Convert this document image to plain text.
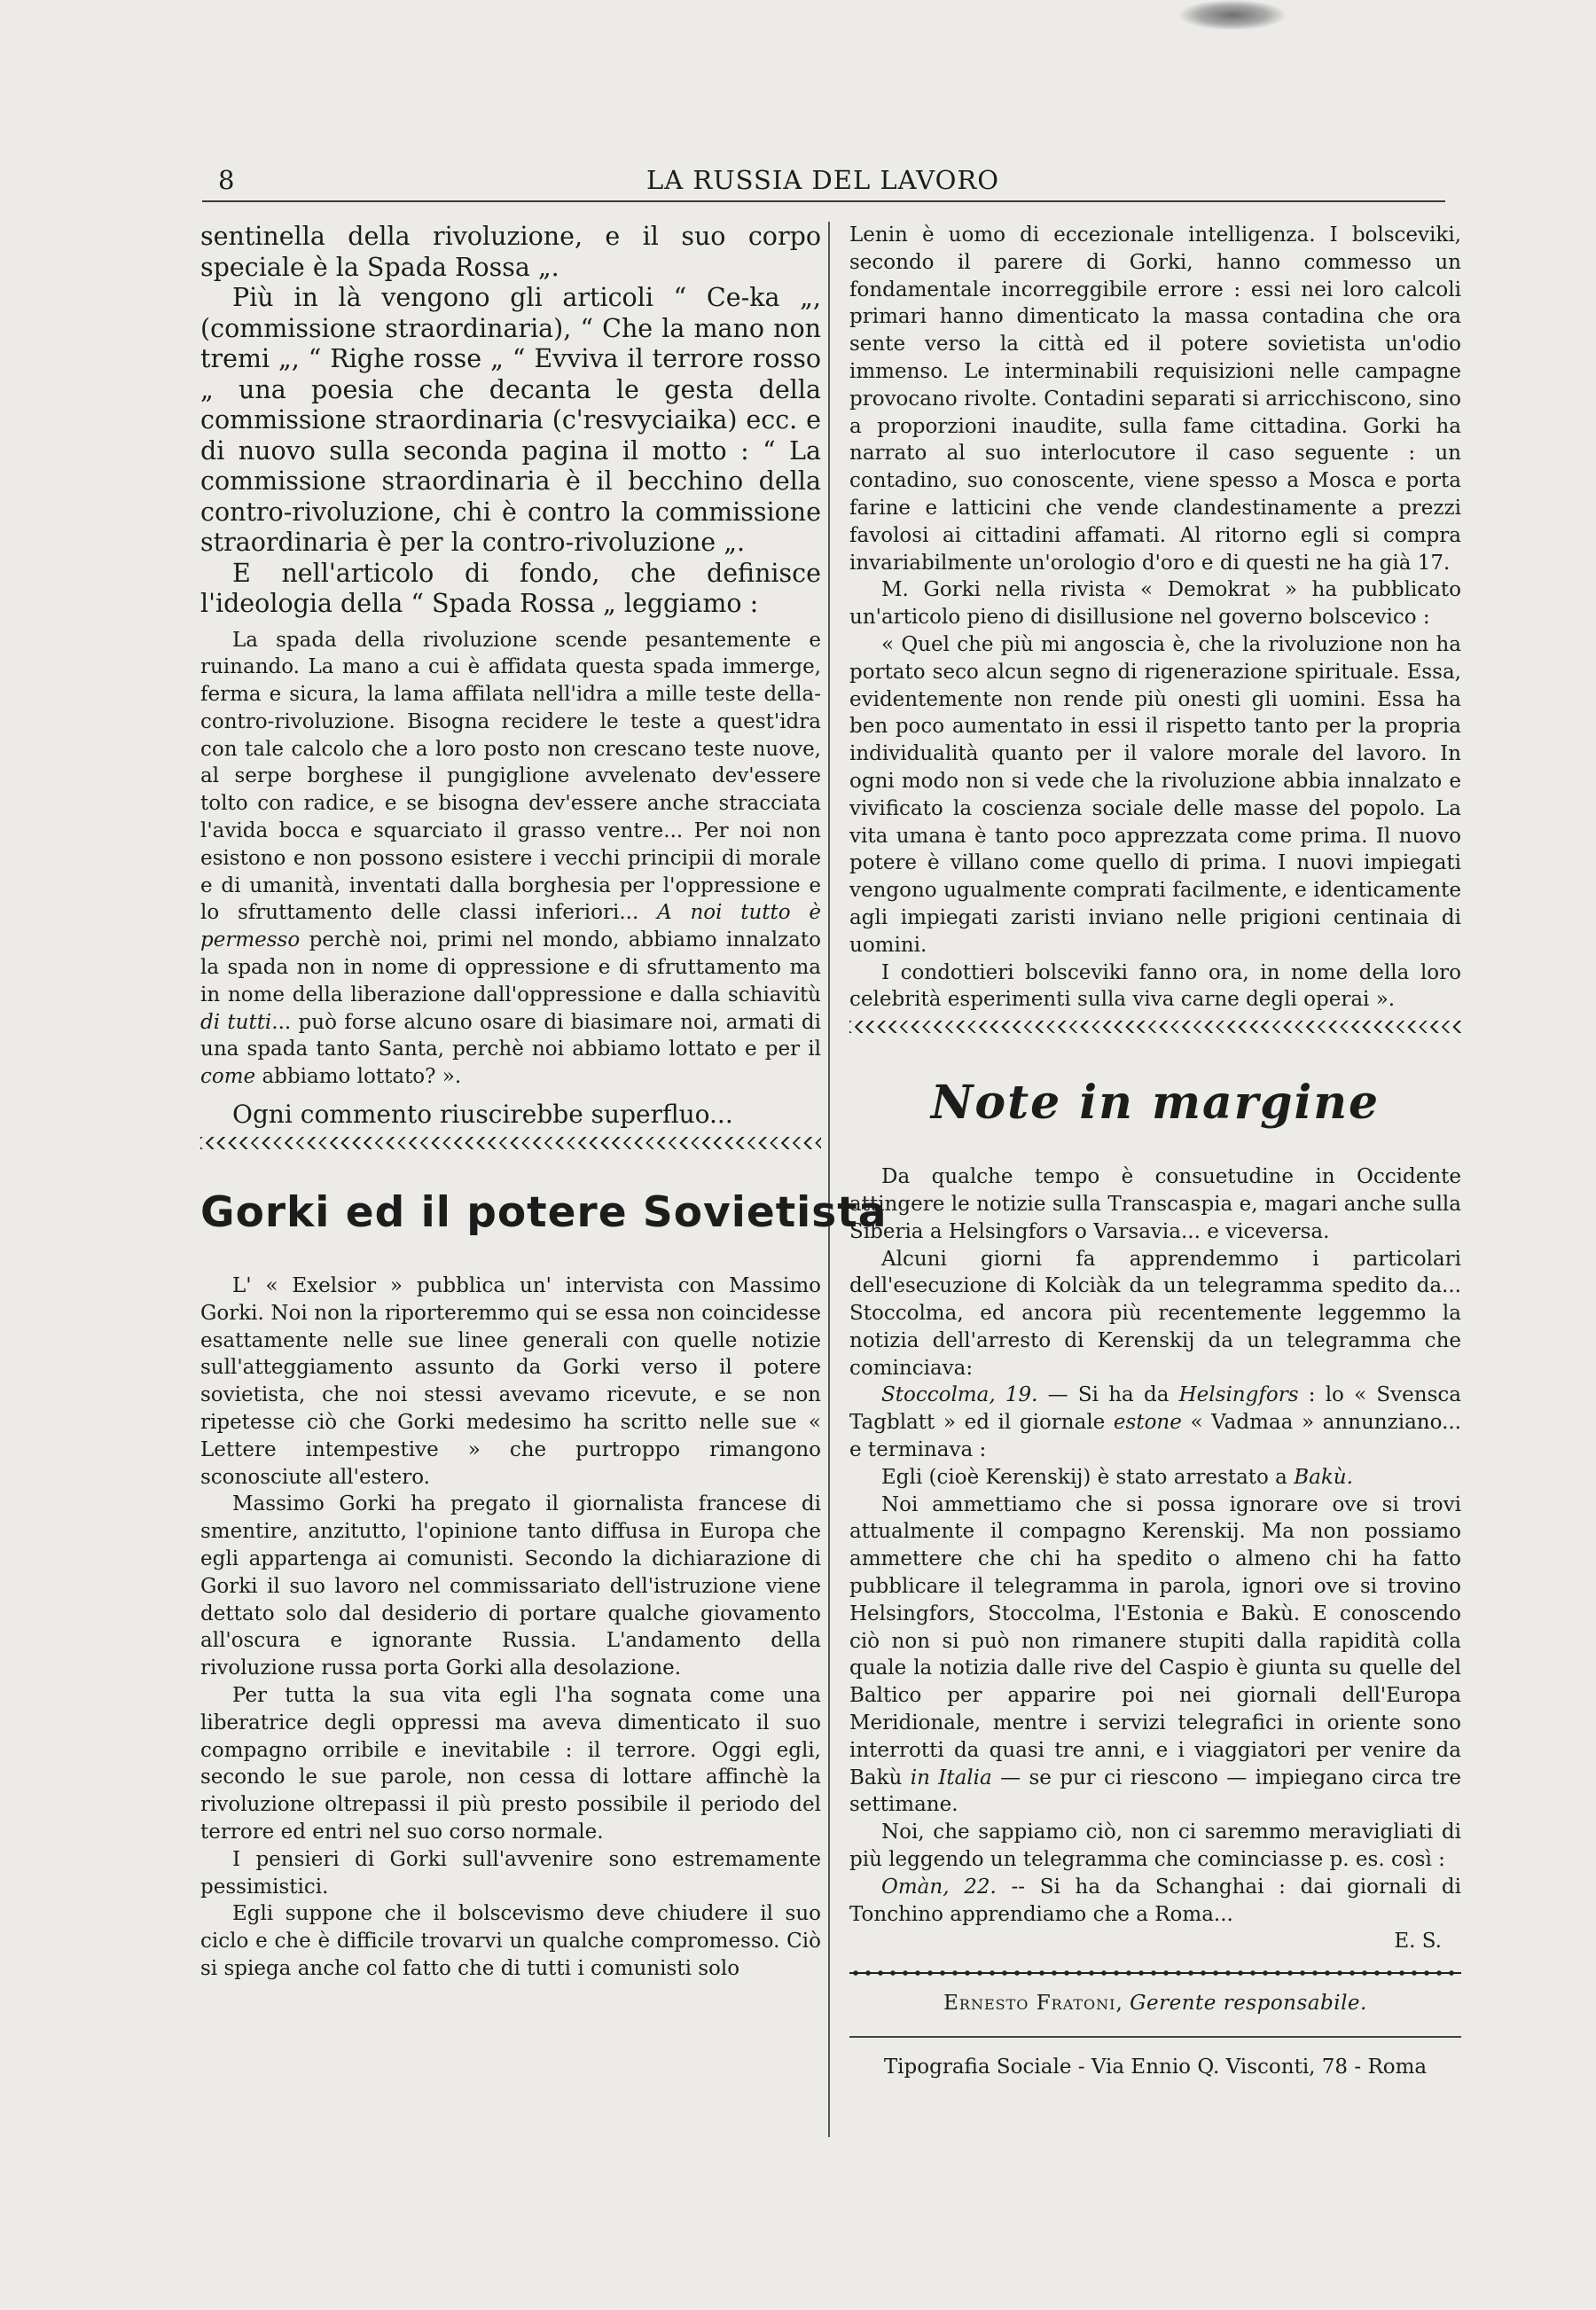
8	LA RUSSIA DEL LAVORO

sentinella della rivoluzione, e il suo corpo speciale è la Spada Rossa „.

Più in là vengono gli articoli “ Ce-ka „, (commissione straordinaria), “ Che la mano non tremi „, “ Righe rosse „ “ Evviva il terrore rosso „ una poesia che decanta le gesta della commissione straordinaria (c'resvyciaika) ecc. e di nuovo sulla seconda pagina il motto : “ La commissione straordinaria è il becchino della contro-rivoluzione, chi è contro la commissione straordinaria è per la contro-rivoluzione „.

E nell'articolo di fondo, che definisce l'ideologia della “ Spada Rossa „ leggiamo :

La spada della rivoluzione scende pesantemente e ruinando. La mano a cui è affidata questa spada immerge, ferma e sicura, la lama affilata nell'idra a mille teste della-contro-rivoluzione. Bisogna recidere le teste a quest'idra con tale calcolo che a loro posto non crescano teste nuove, al serpe borghese il pungiglione avvelenato dev'essere tolto con radice, e se bisogna dev'essere anche stracciata l'avida bocca e squarciato il grasso ventre... Per noi non esistono e non possono esistere i vecchi principii di morale e di umanità, inventati dalla borghesia per l'oppressione e lo sfruttamento delle classi inferiori... A noi tutto è permesso perchè noi, primi nel mondo, abbiamo innalzato la spada non in nome di oppressione e di sfruttamento ma in nome della liberazione dall'oppressione e dalla schiavitù di tutti... può forse alcuno osare di biasimare noi, armati di una spada tanto Santa, perchè noi abbiamo lottato e per il come abbiamo lottato? ».

Ogni commento riuscirebbe superfluo...

Gorki ed il potere Sovietista

L' « Exelsior » pubblica un' intervista con Massimo Gorki. Noi non la riporteremmo qui se essa non coincidesse esattamente nelle sue linee generali con quelle notizie sull'atteggiamento assunto da Gorki verso il potere sovietista, che noi stessi avevamo ricevute, e se non ripetesse ciò che Gorki medesimo ha scritto nelle sue « Lettere intempestive » che purtroppo rimangono sconosciute all'estero.

Massimo Gorki ha pregato il giornalista francese di smentire, anzitutto, l'opinione tanto diffusa in Europa che egli appartenga ai comunisti. Secondo la dichiarazione di Gorki il suo lavoro nel commissariato dell'istruzione viene dettato solo dal desiderio di portare qualche giovamento all'oscura e ignorante Russia. L'andamento della rivoluzione russa porta Gorki alla desolazione.

Per tutta la sua vita egli l'ha sognata come una liberatrice degli oppressi ma aveva dimenticato il suo compagno orribile e inevitabile : il terrore. Oggi egli, secondo le sue parole, non cessa di lottare affinchè la rivoluzione oltrepassi il più presto possibile il periodo del terrore ed entri nel suo corso normale.

I pensieri di Gorki sull'avvenire sono estremamente pessimistici.

Egli suppone che il bolscevismo deve chiudere il suo ciclo e che è difficile trovarvi un qualche compromesso. Ciò si spiega anche col fatto che di tutti i comunisti solo

Lenin è uomo di eccezionale intelligenza. I bolsceviki, secondo il parere di Gorki, hanno commesso un fondamentale incorreggibile errore : essi nei loro calcoli primari hanno dimenticato la massa contadina che ora sente verso la città ed il potere sovietista un'odio immenso. Le interminabili requisizioni nelle campagne provocano rivolte. Contadini separati si arricchiscono, sino a proporzioni inaudite, sulla fame cittadina. Gorki ha narrato al suo interlocutore il caso seguente : un contadino, suo conoscente, viene spesso a Mosca e porta farine e latticini che vende clandestinamente a prezzi favolosi ai cittadini affamati. Al ritorno egli si compra invariabilmente un'orologio d'oro e di questi ne ha già 17.

M. Gorki nella rivista « Demokrat » ha pubblicato un'articolo pieno di disillusione nel governo bolscevico :

« Quel che più mi angoscia è, che la rivoluzione non ha portato seco alcun segno di rigenerazione spirituale. Essa, evidentemente non rende più onesti gli uomini. Essa ha ben poco aumentato in essi il rispetto tanto per la propria individualità quanto per il valore morale del lavoro. In ogni modo non si vede che la rivoluzione abbia innalzato e vivificato la coscienza sociale delle masse del popolo. La vita umana è tanto poco apprezzata come prima. Il nuovo potere è villano come quello di prima. I nuovi impiegati vengono ugualmente comprati facilmente, e identicamente agli impiegati zaristi inviano nelle prigioni centinaia di uomini.

I condottieri bolsceviki fanno ora, in nome della loro celebrità esperimenti sulla viva carne degli operai ».

Note in margine

Da qualche tempo è consuetudine in Occidente attingere le notizie sulla Transcaspia e, magari anche sulla Siberia a Helsingfors o Varsavia... e viceversa.

Alcuni giorni fa apprendemmo i particolari dell'esecuzione di Kolciàk da un telegramma spedito da... Stoccolma, ed ancora più recentemente leggemmo la notizia dell'arresto di Kerenskij da un telegramma che cominciava:

Stoccolma, 19. — Si ha da Helsingfors : lo « Svensca Tagblatt » ed il giornale estone « Vadmaa » annunziano... e terminava :

Egli (cioè Kerenskij) è stato arrestato a Bakù.

Noi ammettiamo che si possa ignorare ove si trovi attualmente il compagno Kerenskij. Ma non possiamo ammettere che chi ha spedito o almeno chi ha fatto pubblicare il telegramma in parola, ignori ove si trovino Helsingfors, Stoccolma, l'Estonia e Bakù. E conoscendo ciò non si può non rimanere stupiti dalla rapidità colla quale la notizia dalle rive del Caspio è giunta su quelle del Baltico per apparire poi nei giornali dell'Europa Meridionale, mentre i servizi telegrafici in oriente sono interrotti da quasi tre anni, e i viaggiatori per venire da Bakù in Italia — se pur ci riescono — impiegano circa tre settimane.

Noi, che sappiamo ciò, non ci saremmo meravigliati di più leggendo un telegramma che cominciasse p. es. così :

Omàn, 22. -- Si ha da Schanghai : dai giornali di Tonchino apprendiamo che a Roma...

E. S.
Ernesto Fratoni, Gerente responsabile.
Tipografia Sociale - Via Ennio Q. Visconti, 78 - Roma
